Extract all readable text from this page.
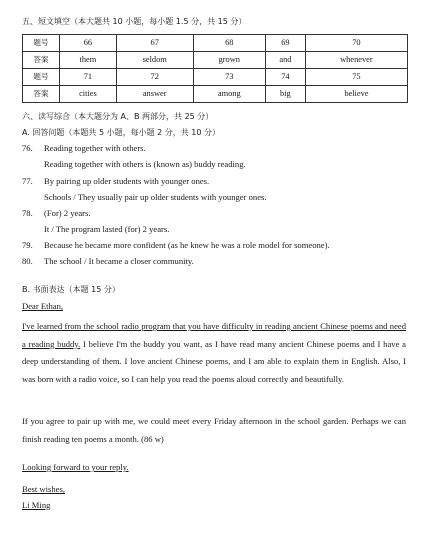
五、短文填空（本大题共 10 小题，每小题 1.5 分，共 15 分）
题号	66	67	68	69	70
答案	them	seldom	grown	and	whenever
题号	71	72	73	74	75
答案	cities	answer	among	big	believe
六、读写综合（本大题分为 A、B 两部分，共 25 分）
A. 回答问题（本题共 5 小题，每小题 2 分，共 10 分）
76. Reading together with others.
Reading together with others is (known as) buddy reading.
77. By pairing up older students with younger ones.
Schools / They usually pair up older students with younger ones.
78. (For) 2 years.
It / The program lasted (for) 2 years.
79. Because he became more confident (as he knew he was a role model for someone).
80. The school / It became a closer community.
B. 书面表达（本题 15 分）
Dear Ethan,
I've learned from the school radio program that you have difficulty in reading ancient Chinese poems and need a reading buddy. I believe I'm the buddy you want, as I have read many ancient Chinese poems and I have a deep understanding of them. I love ancient Chinese poems, and I am able to explain them in English. Also, I was born with a radio voice, so I can help you read the poems aloud correctly and beautifully.
If you agree to pair up with me, we could meet every Friday afternoon in the school garden. Perhaps we can finish reading ten poems a month. (86 w)
Looking forward to your reply.
Best wishes,
Li Ming
